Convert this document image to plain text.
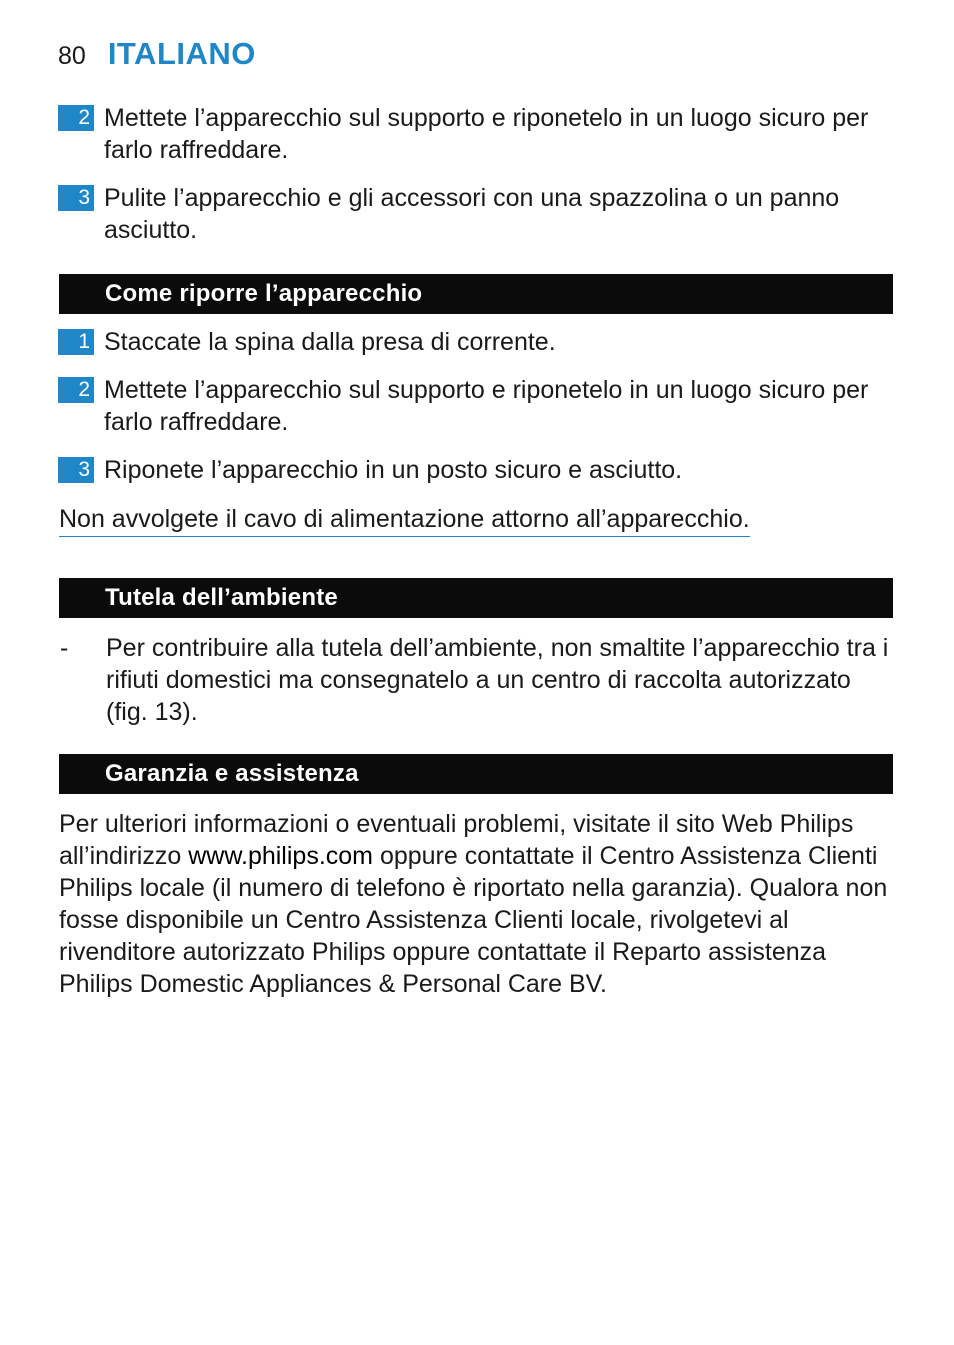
80 ITALIANO
2 Mettete l’apparecchio sul supporto e riponetelo in un luogo sicuro per farlo raffreddare.
3 Pulite l’apparecchio e gli accessori con una spazzolina o un panno asciutto.
Come riporre l’apparecchio
1 Staccate la spina dalla presa di corrente.
2 Mettete l’apparecchio sul supporto e riponetelo in un luogo sicuro per farlo raffreddare.
3 Riponete l’apparecchio in un posto sicuro e asciutto.
Non avvolgete il cavo di alimentazione attorno all’apparecchio.
Tutela dell’ambiente
-	Per contribuire alla tutela dell’ambiente, non smaltite l’apparecchio tra i rifiuti domestici ma consegnatelo a un centro di raccolta autorizzato (fig. 13).
Garanzia e assistenza
Per ulteriori informazioni o eventuali problemi, visitate il sito Web Philips all’indirizzo www.philips.com oppure contattate il Centro Assistenza Clienti Philips locale (il numero di telefono è riportato nella garanzia). Qualora non fosse disponibile un Centro Assistenza Clienti locale, rivolgetevi al rivenditore autorizzato Philips oppure contattate il Reparto assistenza Philips Domestic Appliances & Personal Care BV.
